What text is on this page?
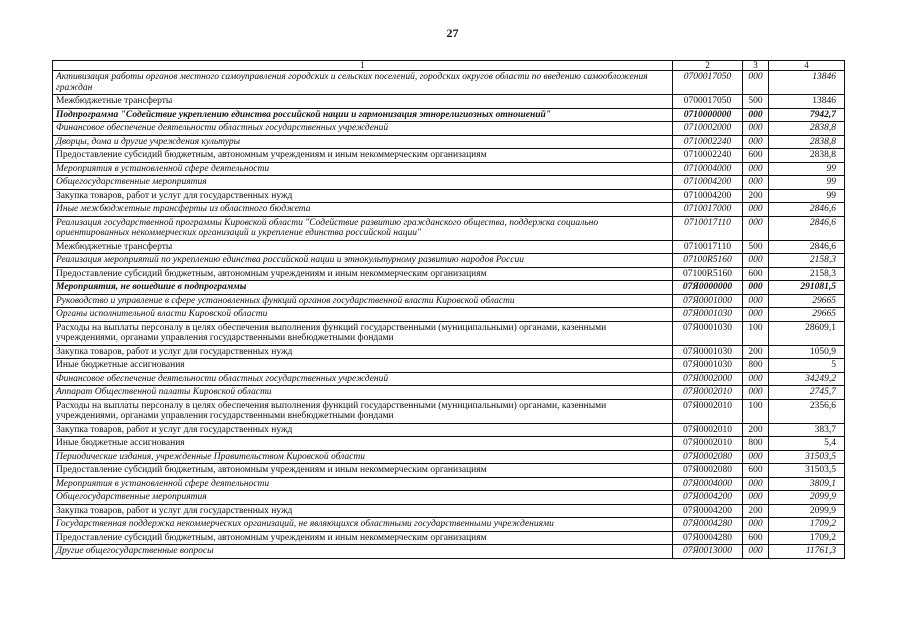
27
1	2	3	4
Активизация работы органов местного самоуправления городских и сельских поселений, городских округов области по введению самообложения граждан	0700017050	000	13846
Межбюджетные трансферты	0700017050	500	13846
Подпрограмма "Содействие укреплению единства российской нации и гармонизация этнорелигиозных отношений"	0710000000	000	7942,7
Финансовое обеспечение деятельности областных государственных учреждений	0710002000	000	2838,8
Дворцы, дома и другие учреждения культуры	0710002240	000	2838,8
Предоставление субсидий бюджетным, автономным учреждениям и иным некоммерческим организациям	0710002240	600	2838,8
Мероприятия в установленной сфере деятельности	0710004000	000	99
Общегосударственные мероприятия	0710004200	000	99
Закупка товаров, работ и услуг для государственных нужд	0710004200	200	99
Иные межбюджетные трансферты из областного бюджета	0710017000	000	2846,6
Реализация государственной программы Кировской области "Содействие развитию гражданского общества, поддержка социально ориентированных некоммерческих организаций и укрепление единства российской нации"	0710017110	000	2846,6
Межбюджетные трансферты	0710017110	500	2846,6
Реализация мероприятий по укреплению единства российской нации и этнокультурному развитию народов России	07100R5160	000	2158,3
Предоставление субсидий бюджетным, автономным учреждениям и иным некоммерческим организациям	07100R5160	600	2158,3
Мероприятия, не вошедшие в подпрограммы	07Я0000000	000	291081,5
Руководство и управление в сфере установленных функций органов государственной власти Кировской области	07Я0001000	000	29665
Органы исполнительной власти Кировской области	07Я0001030	000	29665
Расходы на выплаты персоналу в целях обеспечения выполнения функций государственными (муниципальными) органами, казенными учреждениями, органами управления государственными внебюджетными фондами	07Я0001030	100	28609,1
Закупка товаров, работ и услуг для государственных нужд	07Я0001030	200	1050,9
Иные бюджетные ассигнования	07Я0001030	800	5
Финансовое обеспечение деятельности областных государственных учреждений	07Я0002000	000	34249,2
Аппарат Общественной палаты Кировской области	07Я0002010	000	2745,7
Расходы на выплаты персоналу в целях обеспечения выполнения функций государственными (муниципальными) органами, казенными учреждениями, органами управления государственными внебюджетными фондами	07Я0002010	100	2356,6
Закупка товаров, работ и услуг для государственных нужд	07Я0002010	200	383,7
Иные бюджетные ассигнования	07Я0002010	800	5,4
Периодические издания, учрежденные Правительством Кировской области	07Я0002080	000	31503,5
Предоставление субсидий бюджетным, автономным учреждениям и иным некоммерческим организациям	07Я0002080	600	31503,5
Мероприятия в установленной сфере деятельности	07Я0004000	000	3809,1
Общегосударственные мероприятия	07Я0004200	000	2099,9
Закупка товаров, работ и услуг для государственных нужд	07Я0004200	200	2099,9
Государственная поддержка некоммерческих организаций, не являющихся областными государственными учреждениями	07Я0004280	000	1709,2
Предоставление субсидий бюджетным, автономным учреждениям и иным некоммерческим организациям	07Я0004280	600	1709,2
Другие общегосударственные вопросы	07Я0013000	000	11761,3
